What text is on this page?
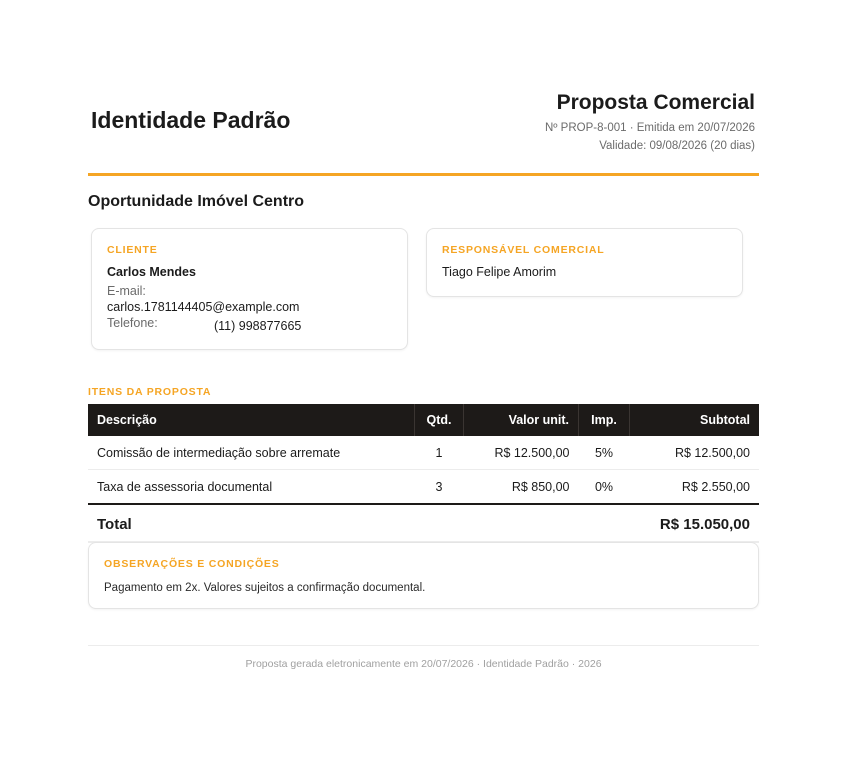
Identidade Padrão
Proposta Comercial
Nº PROP-8-001 · Emitida em 20/07/2026
Validade: 09/08/2026 (20 dias)
Oportunidade Imóvel Centro
CLIENTE
Carlos Mendes
E-mail:
carlos.1781144405@example.com
Telefone:	(11) 998877665
RESPONSÁVEL COMERCIAL
Tiago Felipe Amorim
ITENS DA PROPOSTA
Descrição	Qtd.	Valor unit.	Imp.	Subtotal
Comissão de intermediação sobre arremate	1	R$ 12.500,00	5%	R$ 12.500,00
Taxa de assessoria documental	3	R$ 850,00	0%	R$ 2.550,00
Total	R$ 15.050,00
OBSERVAÇÕES E CONDIÇÕES
Pagamento em 2x. Valores sujeitos a confirmação documental.
Proposta gerada eletronicamente em 20/07/2026 · Identidade Padrão · 2026
